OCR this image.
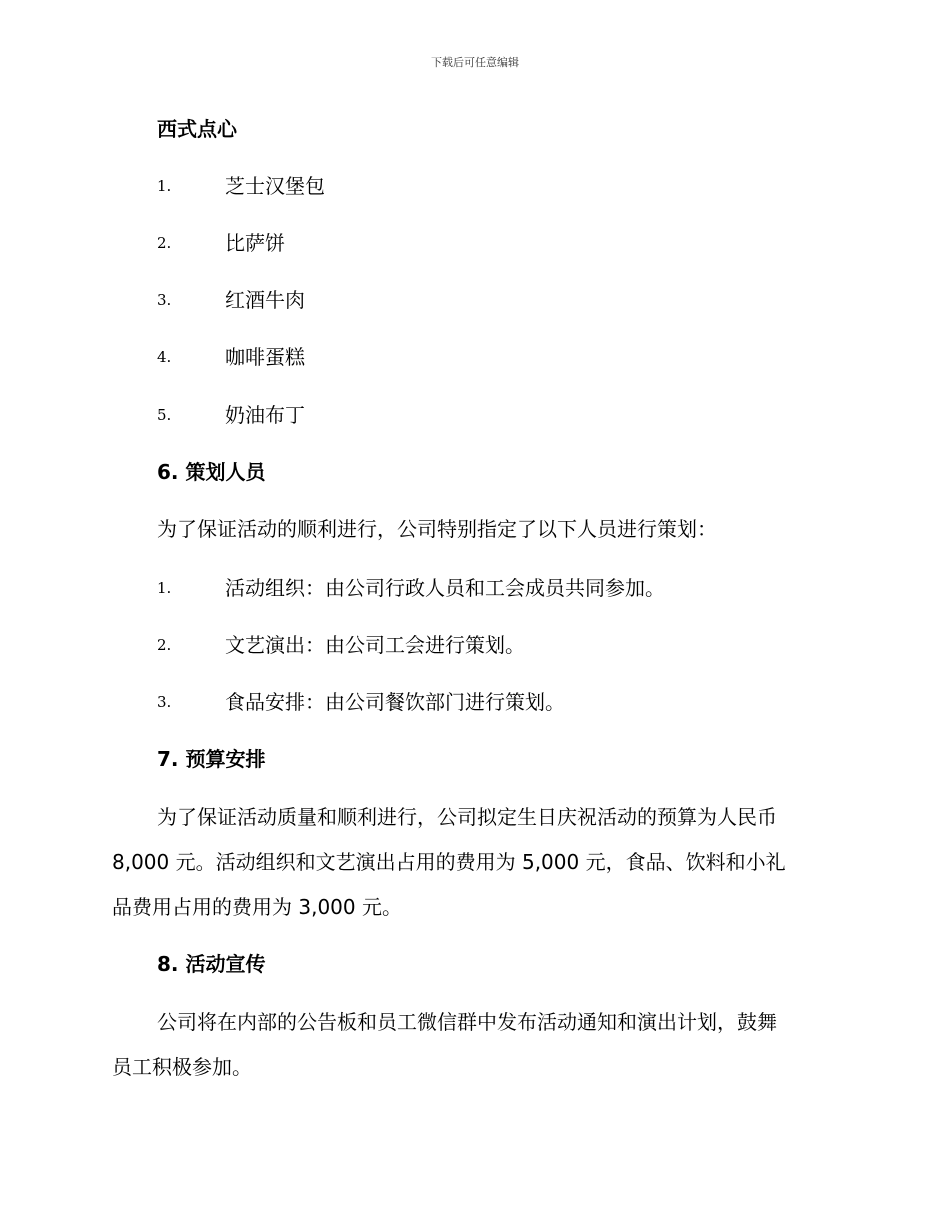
下载后可任意编辑
西式点心
1.	芝士汉堡包
2.	比萨饼
3.	红酒牛肉
4.	咖啡蛋糕
5.	奶油布丁
6. 策划人员
为了保证活动的顺利进行，公司特别指定了以下人员进行策划：
1.	活动组织：由公司行政人员和工会成员共同参加。
2.	文艺演出：由公司工会进行策划。
3.	食品安排：由公司餐饮部门进行策划。
7. 预算安排
为了保证活动质量和顺利进行，公司拟定生日庆祝活动的预算为人民币
8,000 元。活动组织和文艺演出占用的费用为 5,000 元，食品、饮料和小礼
品费用占用的费用为 3,000 元。
8. 活动宣传
公司将在内部的公告板和员工微信群中发布活动通知和演出计划，鼓舞
员工积极参加。
